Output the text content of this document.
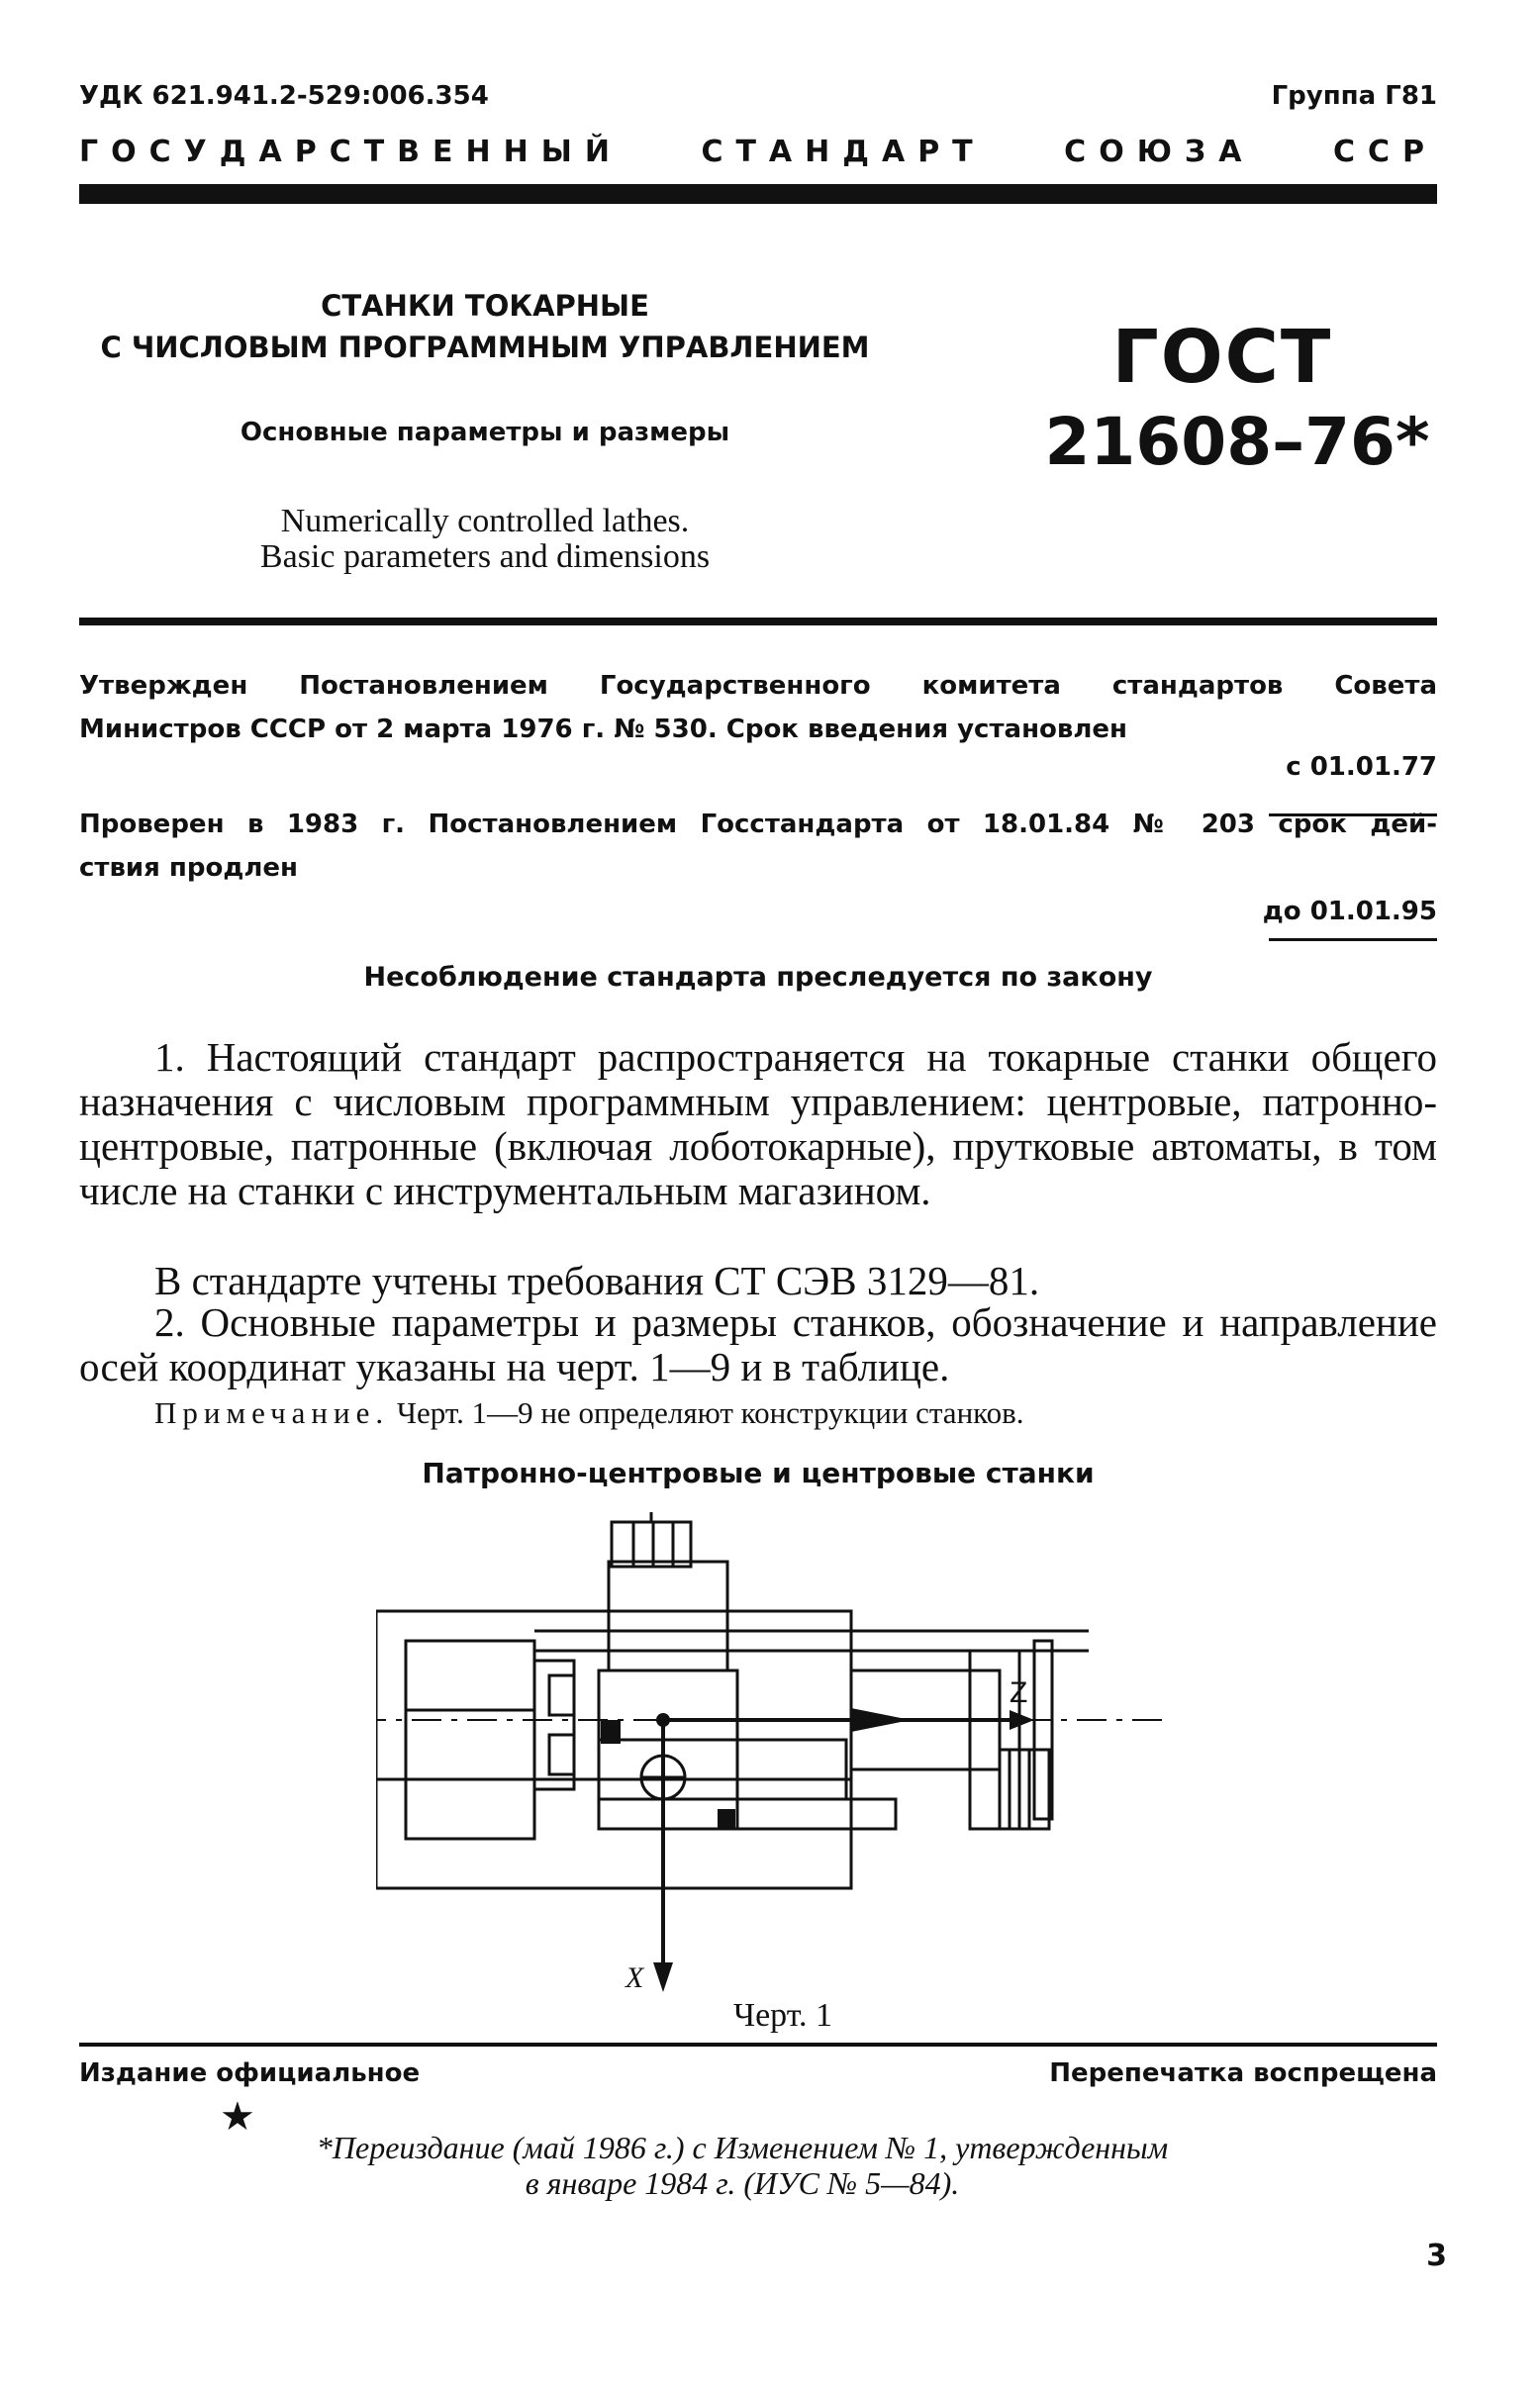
УДК 621.941.2-529:006.354	Группа Г81
ГОСУДАРСТВЕННЫЙ	СТАНДАРТ	СОЮЗА	ССР
СТАНКИ ТОКАРНЫЕ
С ЧИСЛОВЫМ ПРОГРАММНЫМ УПРАВЛЕНИЕМ
Основные параметры и размеры
Numerically controlled lathes.
Basic parameters and dimensions
ГОСТ
21608–76*
Утвержден Постановлением Государственного комитета стандартов Совета
Министров СССР от 2 марта 1976 г. № 530. Срок введения установлен
с 01.01.77
Проверен в 1983 г. Постановлением Госстандарта от 18.01.84 № 203 срок дей-
ствия продлен
до 01.01.95
Несоблюдение стандарта преследуется по закону

1. Настоящий стандарт распространяется на токарные станки общего назначения с числовым программным управлением: центровые, патронно-центровые, патронные (включая лоботокарные), прутковые автоматы, в том числе на станки с инструментальным магазином.

В стандарте учтены требования СТ СЭВ 3129—81.

2. Основные параметры и размеры станков, обозначение и направление осей координат указаны на черт. 1—9 и в таблице.

Примечание. Черт. 1—9 не определяют конструкции станков.
Патронно-центровые и центровые станки
Z
X
Черт. 1
Издание официальное	Перепечатка воспрещена
★
*Переиздание (май 1986 г.) с Изменением № 1, утвержденным
в январе 1984 г. (ИУС № 5—84).
3
